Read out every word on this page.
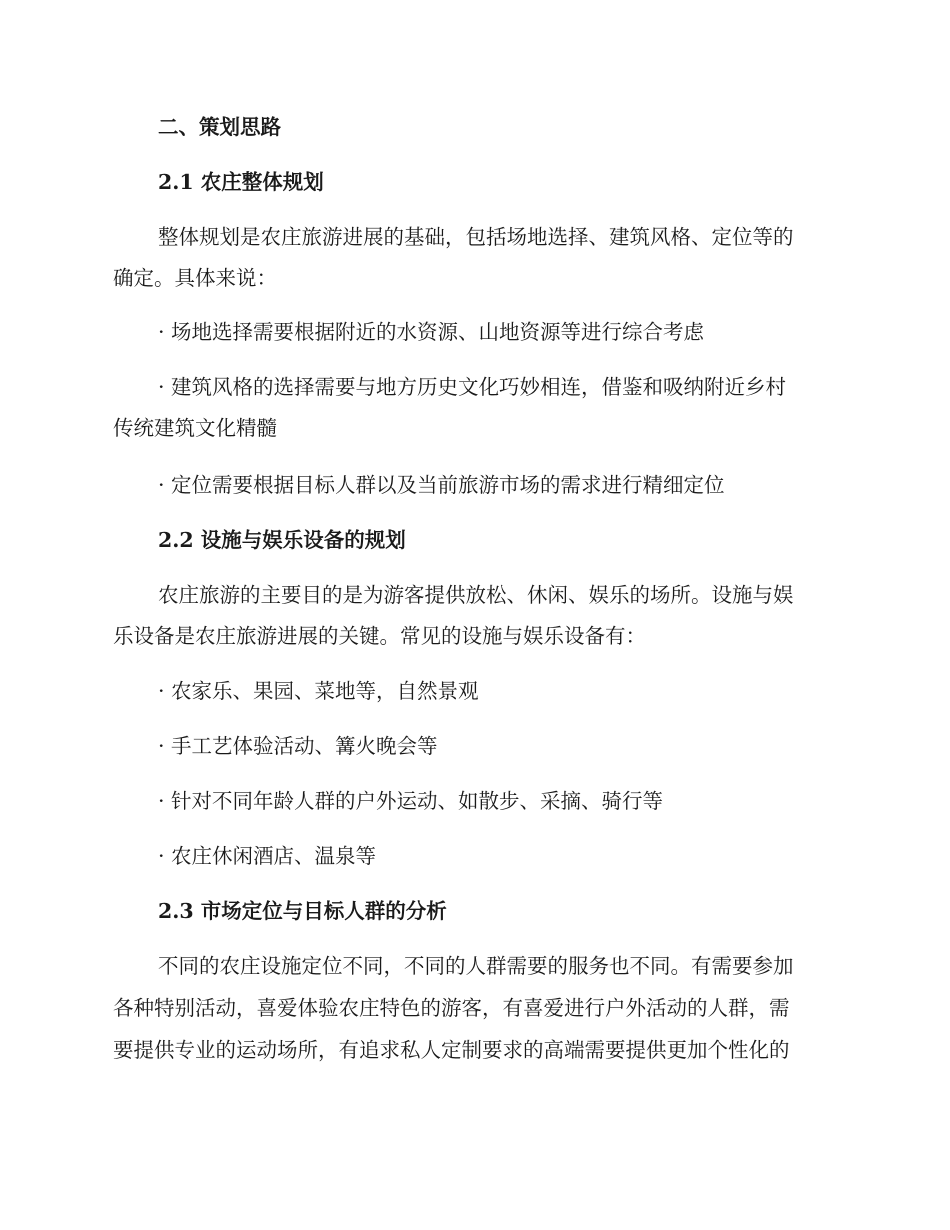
二、策划思路
2.1 农庄整体规划
整体规划是农庄旅游进展的基础，包括场地选择、建筑风格、定位等的
确定。具体来说：
· 场地选择需要根据附近的水资源、山地资源等进行综合考虑
· 建筑风格的选择需要与地方历史文化巧妙相连，借鉴和吸纳附近乡村
传统建筑文化精髓
· 定位需要根据目标人群以及当前旅游市场的需求进行精细定位
2.2 设施与娱乐设备的规划
农庄旅游的主要目的是为游客提供放松、休闲、娱乐的场所。设施与娱
乐设备是农庄旅游进展的关键。常见的设施与娱乐设备有：
· 农家乐、果园、菜地等，自然景观
· 手工艺体验活动、篝火晚会等
· 针对不同年龄人群的户外运动、如散步、采摘、骑行等
· 农庄休闲酒店、温泉等
2.3 市场定位与目标人群的分析
不同的农庄设施定位不同，不同的人群需要的服务也不同。有需要参加
各种特别活动，喜爱体验农庄特色的游客，有喜爱进行户外活动的人群，需
要提供专业的运动场所，有追求私人定制要求的高端需要提供更加个性化的
